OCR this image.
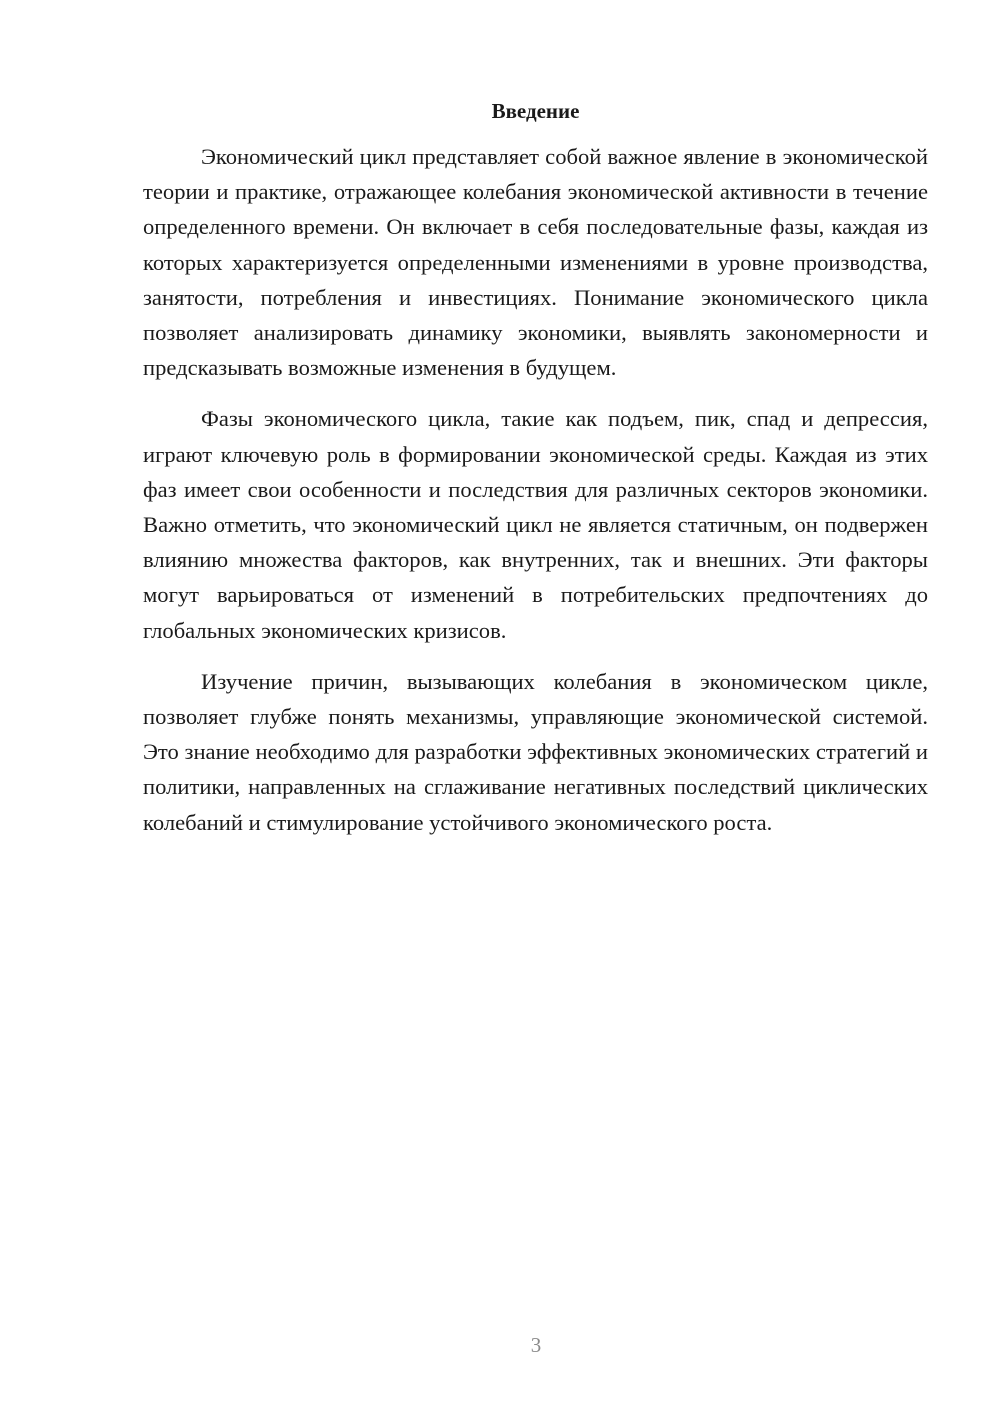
Введение

Экономический цикл представляет собой важное явление в экономической теории и практике, отражающее колебания экономической активности в течение определенного времени. Он включает в себя последовательные фазы, каждая из которых характеризуется определенными изменениями в уровне производства, занятости, потребления и инвестициях. Понимание экономического цикла позволяет анализировать динамику экономики, выявлять закономерности и предсказывать возможные изменения в будущем.

Фазы экономического цикла, такие как подъем, пик, спад и депрессия, играют ключевую роль в формировании экономической среды. Каждая из этих фаз имеет свои особенности и последствия для различных секторов экономики. Важно отметить, что экономический цикл не является статичным, он подвержен влиянию множества факторов, как внутренних, так и внешних. Эти факторы могут варьироваться от изменений в потребительских предпочтениях до глобальных экономических кризисов.

Изучение причин, вызывающих колебания в экономическом цикле, позволяет глубже понять механизмы, управляющие экономической системой. Это знание необходимо для разработки эффективных экономических стратегий и политики, направленных на сглаживание негативных последствий циклических колебаний и стимулирование устойчивого экономического роста.

3
